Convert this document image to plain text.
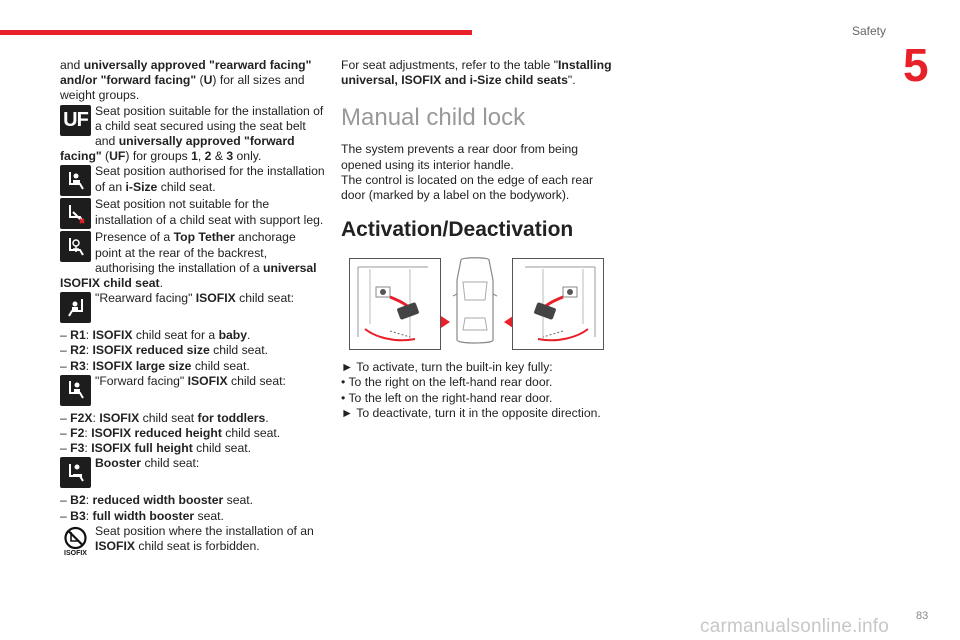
Safety
5

and universally approved "rearward facing" and/or "forward facing" (U) for all sizes and weight groups.

UF Seat position suitable for the installation of a child seat secured using the seat belt and universally approved "forward facing" (UF) for groups 1, 2 & 3 only.
Seat position authorised for the installation of an i-Size child seat.
Seat position not suitable for the installation of a child seat with support leg.
Presence of a Top Tether anchorage point at the rear of the backrest, authorising the installation of a universal ISOFIX child seat.
"Rearward facing" ISOFIX child seat:

– R1: ISOFIX child seat for a baby.

– R2: ISOFIX reduced size child seat.

– R3: ISOFIX large size child seat.

"Forward facing" ISOFIX child seat:

– F2X: ISOFIX child seat for toddlers.

– F2: ISOFIX reduced height child seat.

– F3: ISOFIX full height child seat.

Booster child seat:

– B2: reduced width booster seat.

– B3: full width booster seat.

ISOFIX
Seat position where the installation of an ISOFIX child seat is forbidden.

For seat adjustments, refer to the table "Installing universal, ISOFIX and i-Size child seats".

Manual child lock

The system prevents a rear door from being opened using its interior handle.

The control is located on the edge of each rear door (marked by a label on the bodywork).

Activation/Deactivation

► To activate, turn the built-in key fully:

• To the right on the left-hand rear door.

• To the left on the right-hand rear door.

► To deactivate, turn it in the opposite direction.

carmanualsonline.info 83
